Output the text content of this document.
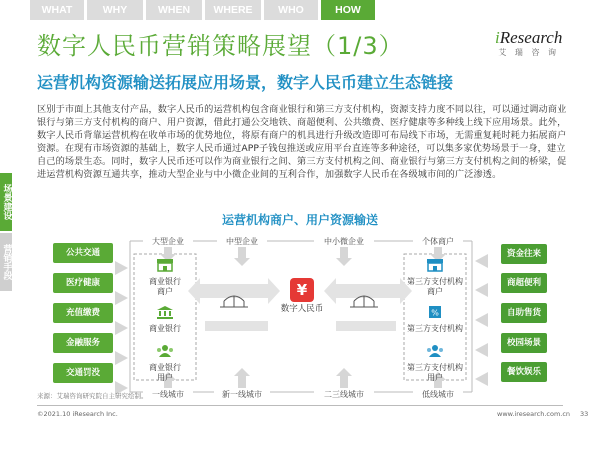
WHAT	WHY	WHEN	WHERE	WHO	HOW
数字人民币营销策略展望（1/3）
运营机构资源输送拓展应用场景，数字人民币建立生态链接
iResearch
艾 瑞 咨 询
场景建设
营销手段
区别于市面上其他支付产品，数字人民币的运营机构包含商业银行和第三方支付机构，资源支持力度不同以往，可以通过调动商业银行与第三方支付机构的商户、用户资源，借此打通公交地铁、商超便利、公共缴费、医疗健康等多种线上线下应用场景。此外，数字人民币背靠运营机构在收单市场的优势地位，将原有商户的机具进行升级改造即可布局线下市场，无需重复耗时耗力拓展商户资源。在现有市场资源的基础上，数字人民币通过APP子钱包推送或应用平台直连等多种途径，可以集多家优势场景于一身，建立自己的场景生态。同时，数字人民币还可以作为商业银行之间、第三方支付机构之间、商业银行与第三方支付机构之间的桥梁，促进运营机构资源互通共享，推动大型企业与中小微企业间的互利合作，加强数字人民币在各级城市间的广泛渗透。
运营机构商户、用户资源输送
大型企业	中型企业	中小微企业	个体商户
一线城市	新一线城市	二三线城市	低线城市
公共交通
医疗健康
充值缴费
金融服务
交通罚没
资金往来
商超便利
自助售货
校园场景
餐饮娱乐
商业银行
商户
商业银行
商业银行
用户
第三方支付机构
商户
%
第三方支付机构
第三方支付机构
用户
¥
数字人民币
来源：艾瑞咨询研究院自主研究绘制。
©2021.10 iResearch Inc.	www.iresearch.com.cn 33
